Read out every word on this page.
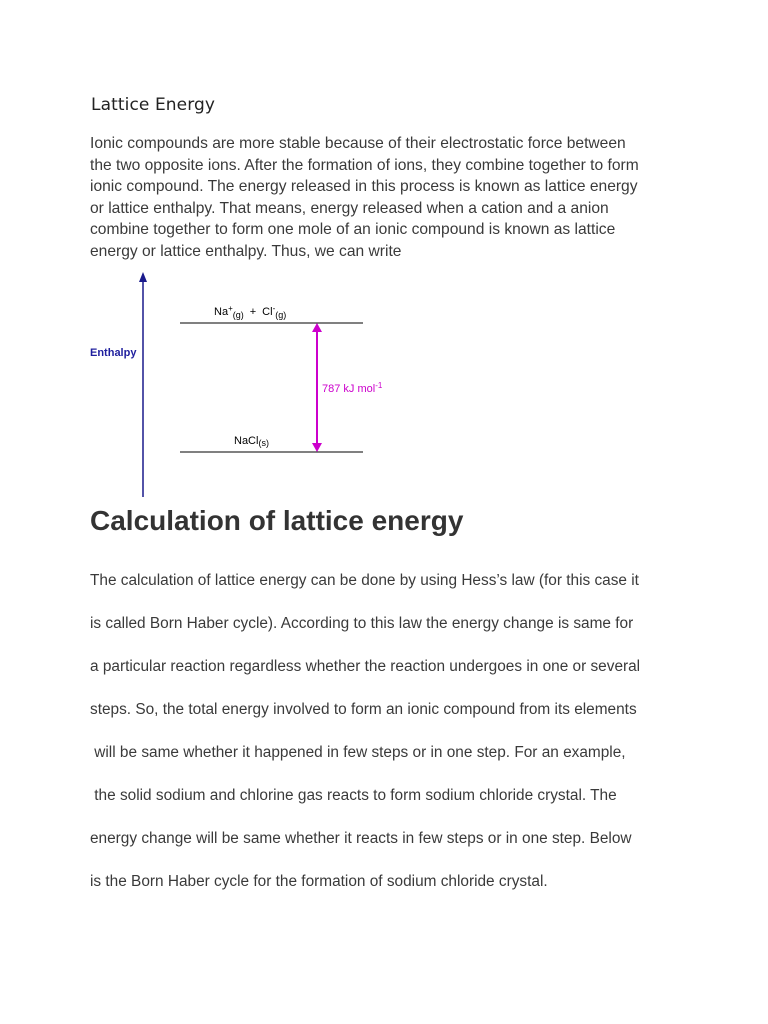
Lattice Energy

Ionic compounds are more stable because of their electrostatic force between
the two opposite ions. After the formation of ions, they combine together to form
ionic compound. The energy released in this process is known as lattice energy
or lattice enthalpy. That means, energy released when a cation and a anion
combine together to form one mole of an ionic compound is known as lattice
energy or lattice enthalpy. Thus, we can write

Enthalpy
$Na^+_{(g)} + Cl^-_{(g)}$
NaCl(s)
787 kJ mol$^{-1}$
Calculation of lattice energy

The calculation of lattice energy can be done by using Hess’s law (for this case it
is called Born Haber cycle). According to this law the energy change is same for
a particular reaction regardless whether the reaction undergoes in one or several
steps. So, the total energy involved to form an ionic compound from its elements
will be same whether it happened in few steps or in one step. For an example,
the solid sodium and chlorine gas reacts to form sodium chloride crystal. The
energy change will be same whether it reacts in few steps or in one step. Below
is the Born Haber cycle for the formation of sodium chloride crystal.
